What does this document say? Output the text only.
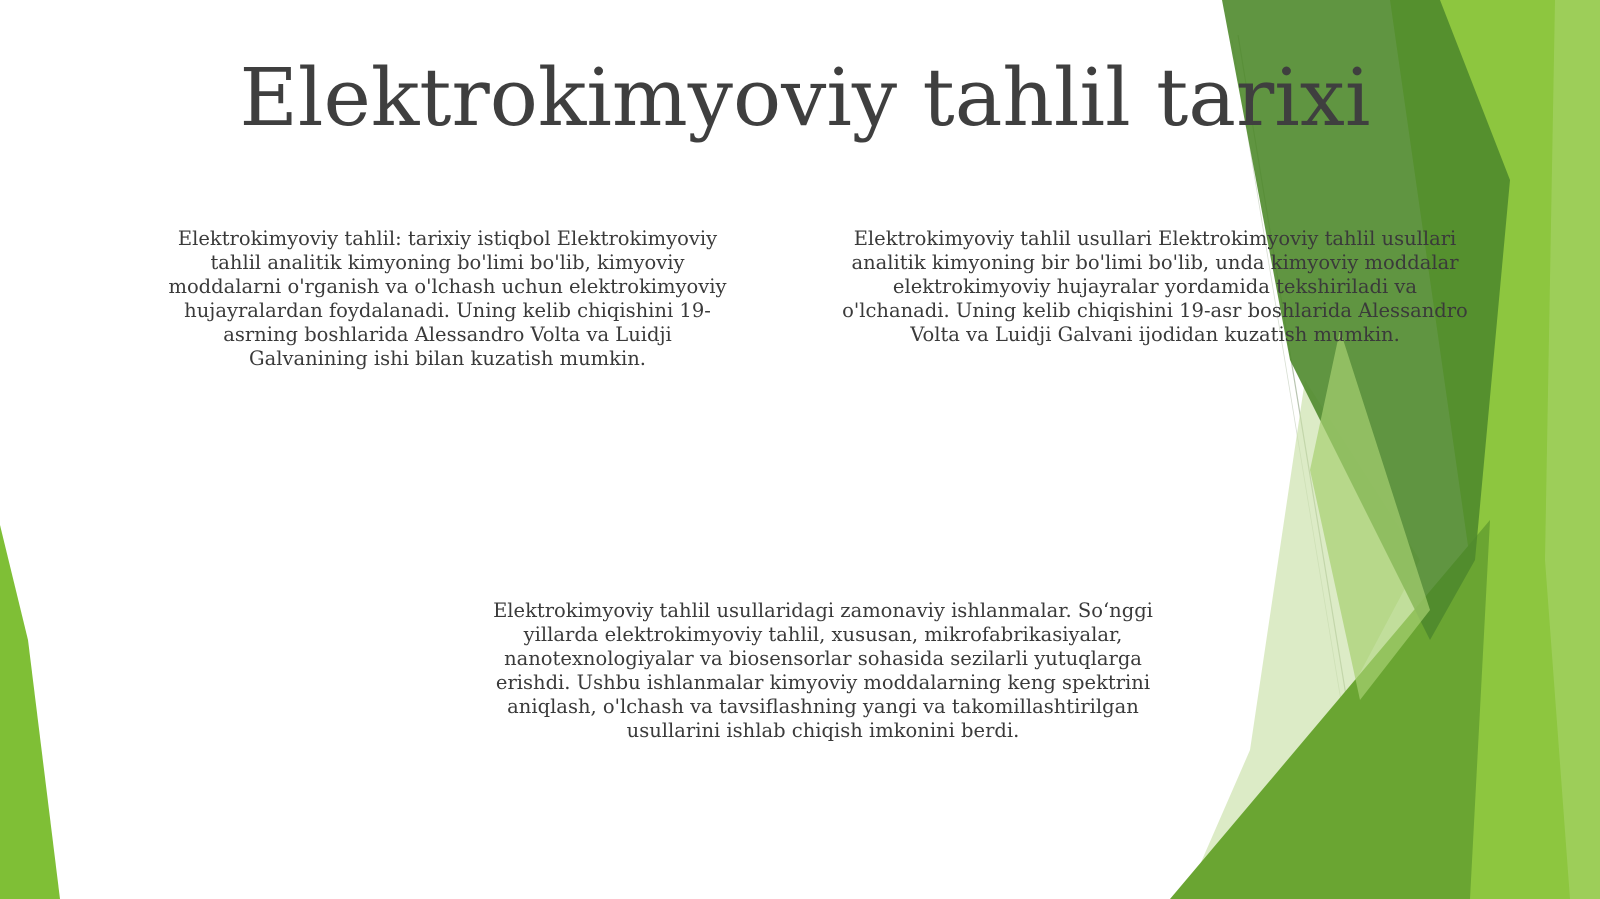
Elektrokimyoviy tahlil tarixi

Elektrokimyoviy tahlil: tarixiy istiqbol Elektrokimyoviy tahlil analitik kimyoning bo'limi bo'lib, kimyoviy moddalarni o'rganish va o'lchash uchun elektrokimyoviy hujayralardan foydalanadi. Uning kelib chiqishini 19-asrning boshlarida Alessandro Volta va Luidji Galvanining ishi bilan kuzatish mumkin.

Elektrokimyoviy tahlil usullari Elektrokimyoviy tahlil usullari analitik kimyoning bir bo'limi bo'lib, unda kimyoviy moddalar elektrokimyoviy hujayralar yordamida tekshiriladi va o'lchanadi. Uning kelib chiqishini 19-asr boshlarida Alessandro Volta va Luidji Galvani ijodidan kuzatish mumkin.

Elektrokimyoviy tahlil usullaridagi zamonaviy ishlanmalar. So‘nggi yillarda elektrokimyoviy tahlil, xususan, mikrofabrikasiyalar, nanotexnologiyalar va biosensorlar sohasida sezilarli yutuqlarga erishdi. Ushbu ishlanmalar kimyoviy moddalarning keng spektrini aniqlash, o'lchash va tavsiflashning yangi va takomillashtirilgan usullarini ishlab chiqish imkonini berdi.
